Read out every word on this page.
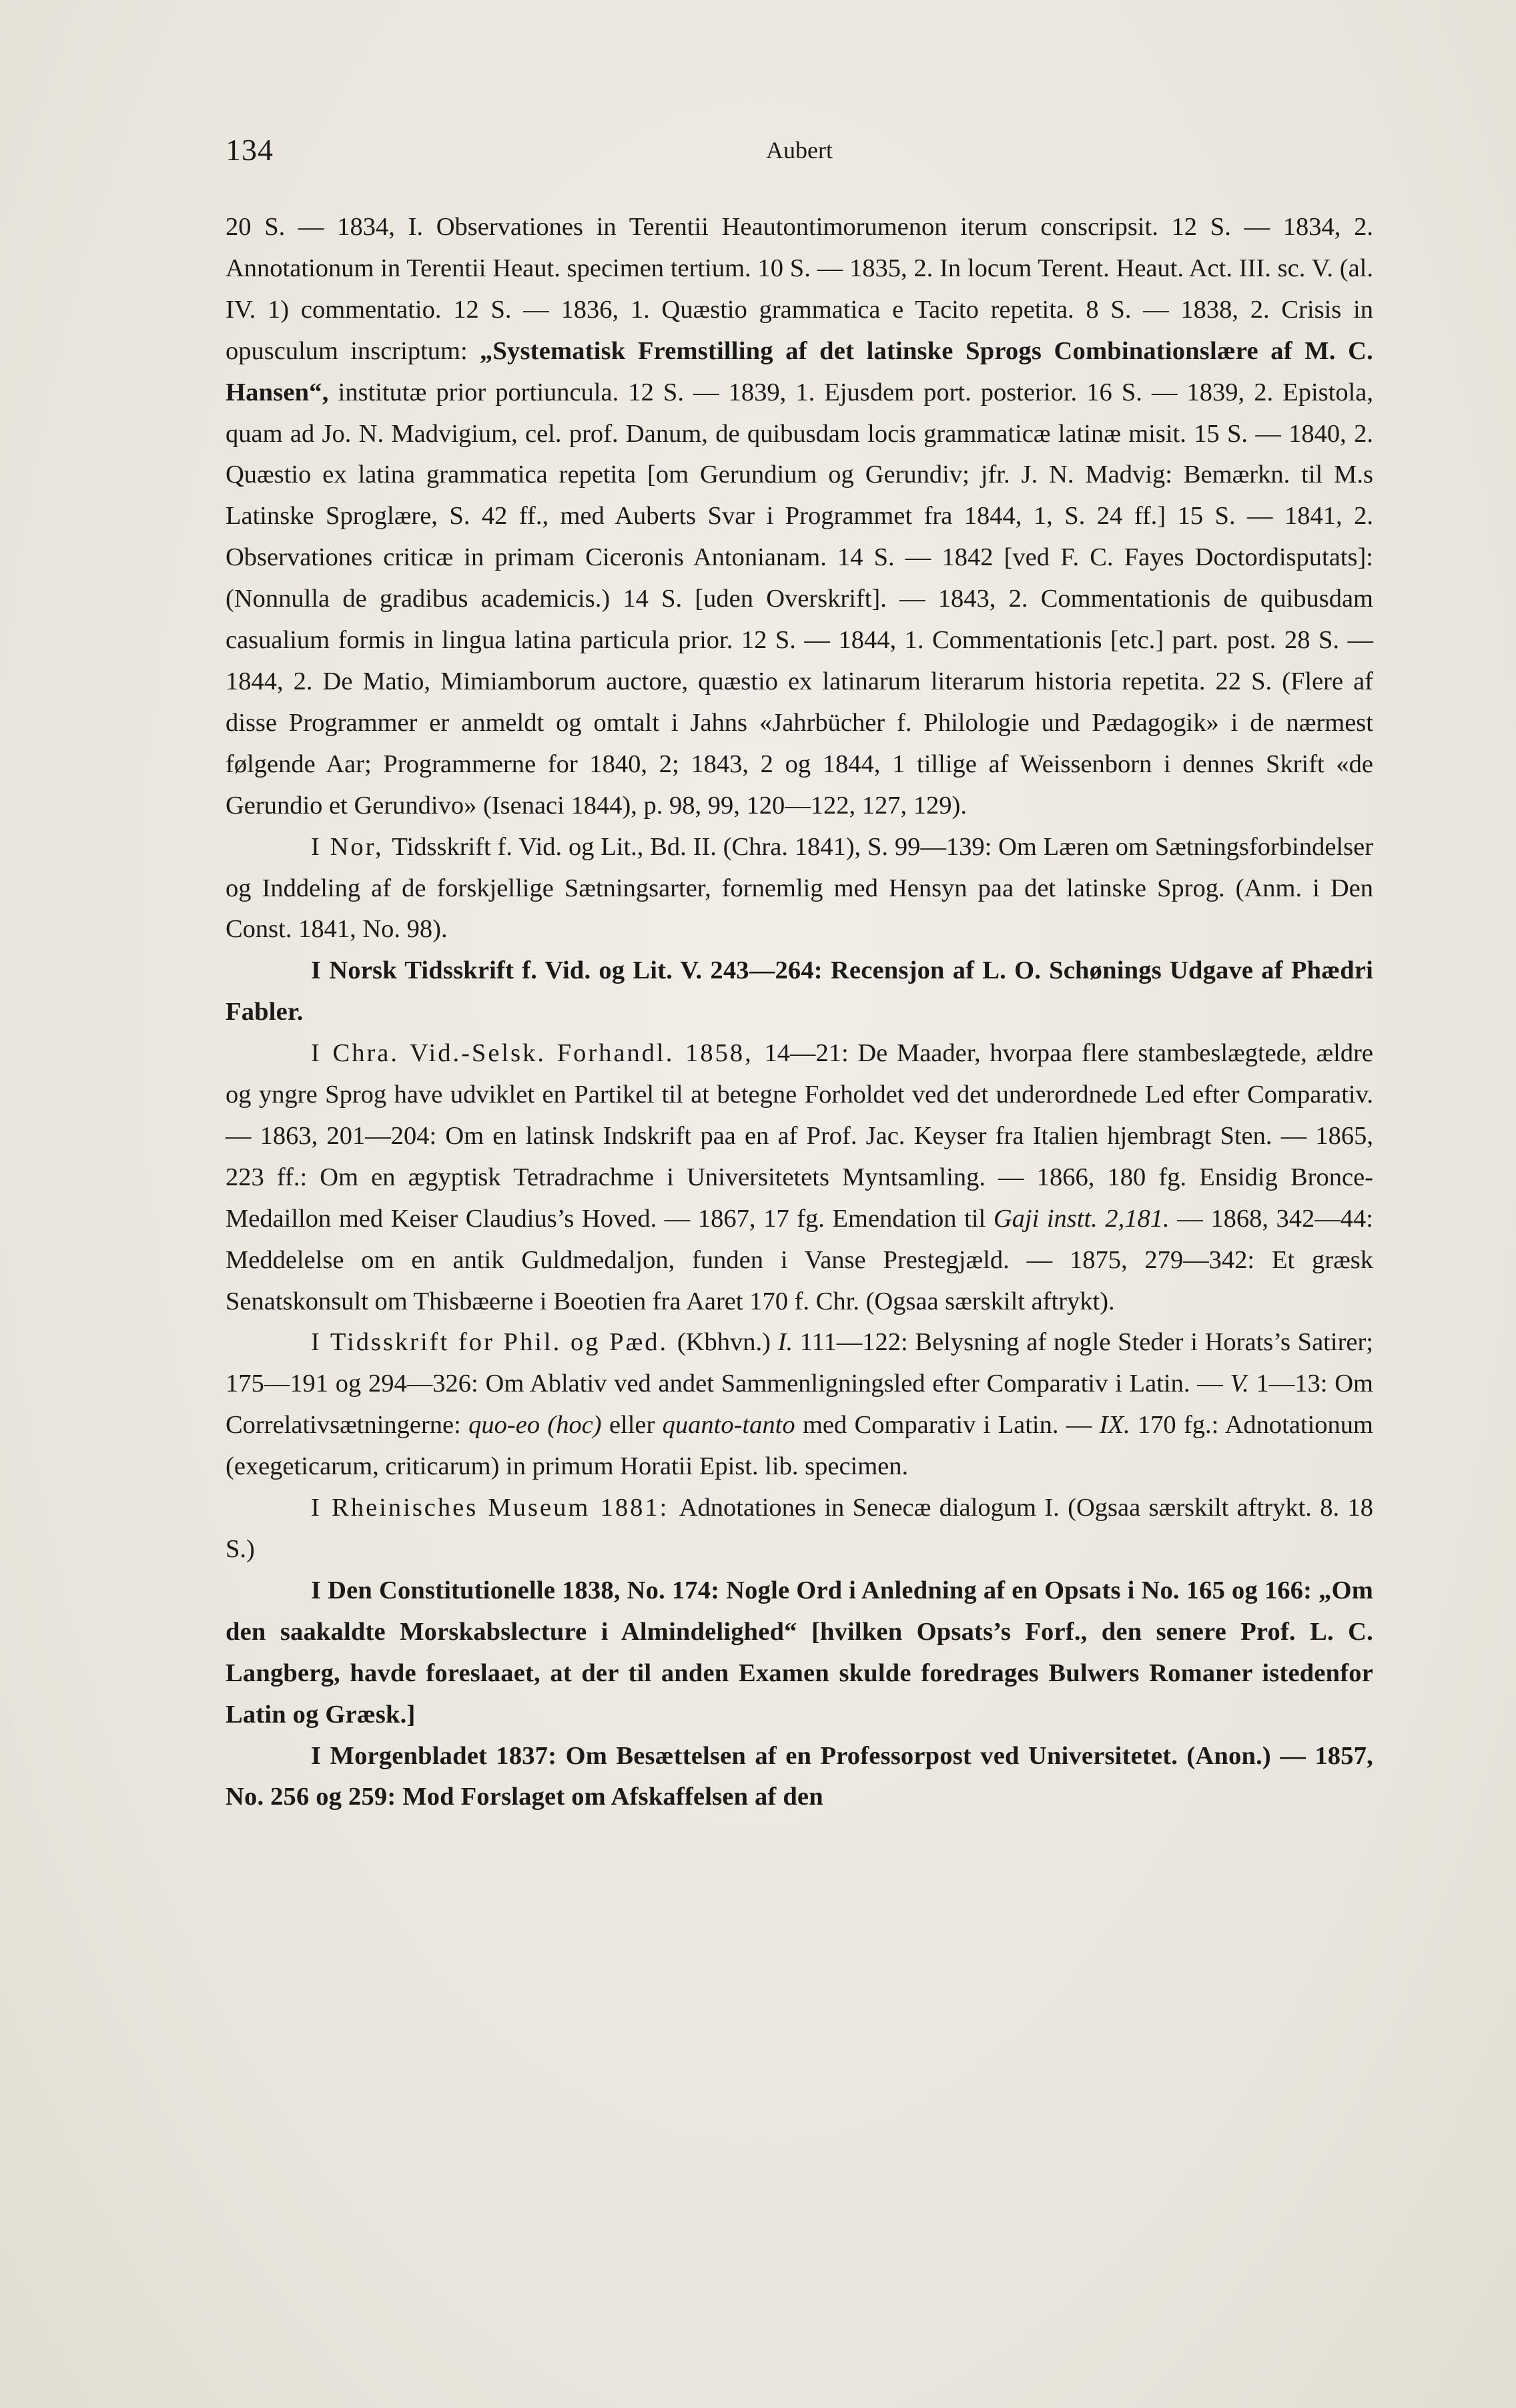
134	Aubert

20 S. — 1834, I. Observationes in Terentii Heautontimorumenon iterum conscripsit. 12 S. — 1834, 2. Annotationum in Terentii Heaut. specimen tertium. 10 S. — 1835, 2. In locum Terent. Heaut. Act. III. sc. V. (al. IV. 1) commentatio. 12 S. — 1836, 1. Quæstio grammatica e Tacito repetita. 8 S. — 1838, 2. Crisis in opusculum inscriptum: „Systematisk Fremstilling af det latinske Sprogs Combinationslære af M. C. Hansen“, institutæ prior portiuncula. 12 S. — 1839, 1. Ejusdem port. posterior. 16 S. — 1839, 2. Epistola, quam ad Jo. N. Madvigium, cel. prof. Danum, de quibusdam locis grammaticæ latinæ misit. 15 S. — 1840, 2. Quæstio ex latina grammatica repetita [om Gerundium og Gerundiv; jfr. J. N. Madvig: Bemærkn. til M.s Latinske Sproglære, S. 42 ff., med Auberts Svar i Programmet fra 1844, 1, S. 24 ff.] 15 S. — 1841, 2. Observationes criticæ in primam Ciceronis Antonianam. 14 S. — 1842 [ved F. C. Fayes Doctordisputats]: (Nonnulla de gradibus academicis.) 14 S. [uden Overskrift]. — 1843, 2. Commentationis de quibusdam casualium formis in lingua latina particula prior. 12 S. — 1844, 1. Commentationis [etc.] part. post. 28 S. — 1844, 2. De Matio, Mimiamborum auctore, quæstio ex latinarum literarum historia repetita. 22 S. (Flere af disse Programmer er anmeldt og omtalt i Jahns «Jahrbücher f. Philologie und Pædagogik» i de nærmest følgende Aar; Programmerne for 1840, 2; 1843, 2 og 1844, 1 tillige af Weissenborn i dennes Skrift «de Gerundio et Gerundivo» (Isenaci 1844), p. 98, 99, 120—122, 127, 129).

I Nor, Tidsskrift f. Vid. og Lit., Bd. II. (Chra. 1841), S. 99—139: Om Læren om Sætningsforbindelser og Inddeling af de forskjellige Sætningsarter, fornemlig med Hensyn paa det latinske Sprog. (Anm. i Den Const. 1841, No. 98).

I Norsk Tidsskrift f. Vid. og Lit. V. 243—264: Recensjon af L. O. Schønings Udgave af Phædri Fabler.

I Chra. Vid.-Selsk. Forhandl. 1858, 14—21: De Maader, hvorpaa flere stambeslægtede, ældre og yngre Sprog have udviklet en Partikel til at betegne Forholdet ved det underordnede Led efter Comparativ. — 1863, 201—204: Om en latinsk Indskrift paa en af Prof. Jac. Keyser fra Italien hjembragt Sten. — 1865, 223 ff.: Om en ægyptisk Tetradrachme i Universitetets Myntsamling. — 1866, 180 fg. Ensidig Bronce-Medaillon med Keiser Claudius’s Hoved. — 1867, 17 fg. Emendation til Gaji instt. 2,181. — 1868, 342—44: Meddelelse om en antik Guldmedaljon, funden i Vanse Prestegjæld. — 1875, 279—342: Et græsk Senatskonsult om Thisbæerne i Boeotien fra Aaret 170 f. Chr. (Ogsaa særskilt aftrykt).

I Tidsskrift for Phil. og Pæd. (Kbhvn.) I. 111—122: Belysning af nogle Steder i Horats’s Satirer; 175—191 og 294—326: Om Ablativ ved andet Sammenligningsled efter Comparativ i Latin. — V. 1—13: Om Correlativsætningerne: quo-eo (hoc) eller quanto-tanto med Comparativ i Latin. — IX. 170 fg.: Adnotationum (exegeticarum, criticarum) in primum Horatii Epist. lib. specimen.

I Rheinisches Museum 1881: Adnotationes in Senecæ dialogum I. (Ogsaa særskilt aftrykt. 8. 18 S.)

I Den Constitutionelle 1838, No. 174: Nogle Ord i Anledning af en Opsats i No. 165 og 166: „Om den saakaldte Morskabslecture i Almindelighed“ [hvilken Opsats’s Forf., den senere Prof. L. C. Langberg, havde foreslaaet, at der til anden Examen skulde foredrages Bulwers Romaner istedenfor Latin og Græsk.]

I Morgenbladet 1837: Om Besættelsen af en Professorpost ved Universitetet. (Anon.) — 1857, No. 256 og 259: Mod Forslaget om Afskaffelsen af den
